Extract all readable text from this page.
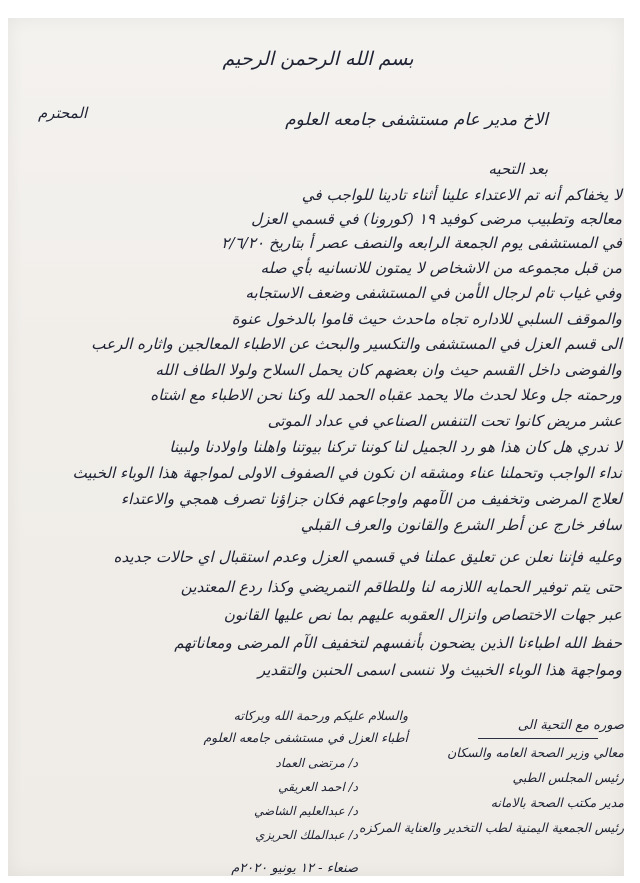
بسم الله الرحمن الرحيم
الاخ مدير عام مستشفى جامعه العلوم
المحترم
بعد التحيه
لا يخفاكم أنه تم الاعتداء علينا أثناء تادينا للواجب في
معالجه وتطبيب مرضى كوفيد ١٩ (كورونا) في قسمي العزل
في المستشفى يوم الجمعة الرابعه والنصف عصر أ بتاريخ ٢/٦/٢٠
من قبل مجموعه من الاشخاص لا يمتون للانسانيه بأي صله
وفي غياب تام لرجال الأمن في المستشفى وضعف الاستجابه
والموقف السلبي للاداره تجاه ماحدث حيث قاموا بالدخول عنوة
الى قسم العزل في المستشفى والتكسير والبحث عن الاطباء المعالجين واثاره الرعب
والفوضى داخل القسم حيث وان بعضهم كان يحمل السلاح ولولا الطاف الله
ورحمته جل وعلا لحدث مالا يحمد عقباه الحمد لله وكنا نحن الاطباء مع اشتاه
عشر مريض كانوا تحت التنفس الصناعي في عداد الموتى
لا ندري هل كان هذا هو رد الجميل لنا كوننا تركنا بيوتنا واهلنا واولادنا ولبينا
نداء الواجب وتحملنا عناء ومشقه ان نكون في الصفوف الاولى لمواجهة هذا الوباء الخبيث
لعلاج المرضى وتخفيف من الآمهم واوجاعهم فكان جزاؤنا تصرف همجي والاعتداء
سافر خارج عن أطر الشرع والقانون والعرف القبلي
وعليه فإننا نعلن عن تعليق عملنا في قسمي العزل وعدم استقبال اي حالات جديده
حتى يتم توفير الحمايه اللازمه لنا وللطاقم التمريضي وكذا ردع المعتدين
عبر جهات الاختصاص وانزال العقوبه عليهم بما نص عليها القانون
حفظ الله اطباءنا الذين يضحون بأنفسهم لتخفيف الآم المرضى ومعاناتهم
ومواجهة هذا الوباء الخبيث ولا ننسى اسمى الحنبن والتقدير
صوره مع التحية الى
معالي وزير الصحة العامه والسكان
رئيس المجلس الطبي
مدير مكتب الصحة بالامانه
رئيس الجمعية اليمنية لطب التخدير والعناية المركزه
والسلام عليكم ورحمة الله وبركاته
أطباء العزل في مستشفى جامعه العلوم
د/ مرتضى العماد
د/ احمد العريقي
د/ عبدالعليم الشاضي
د/ عبدالملك الحريزي
صنعاء - ١٢ يونيو ٢٠٢٠م
